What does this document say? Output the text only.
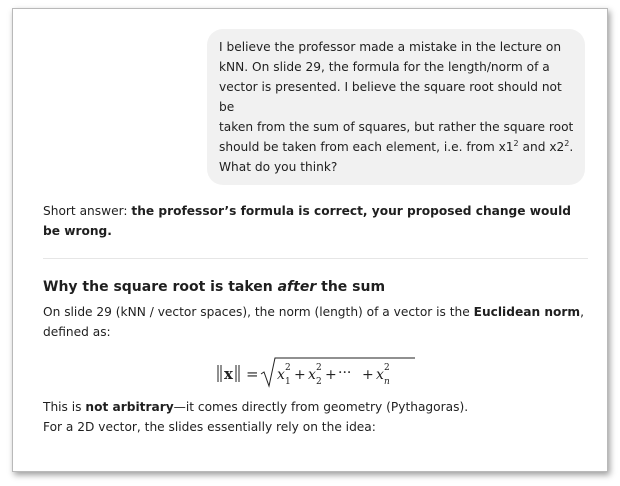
I believe the professor made a mistake in the lecture on
kNN. On slide 29, the formula for the length/norm of a
vector is presented. I believe the square root should not be
taken from the sum of squares, but rather the square root
should be taken from each element, i.e. from $x1^2$ and $x2^2$.
What do you think?

Short answer: the professor’s formula is correct, your proposed change would be wrong.

Why the square root is taken after the sum

On slide 29 (kNN / vector spaces), the norm (length) of a vector is the Euclidean norm,
defined as:

x = x 2
1 + x 2
2 + ··· + x 2
n

This is not arbitrary—it comes directly from geometry (Pythagoras).

For a 2D vector, the slides essentially rely on the idea:
